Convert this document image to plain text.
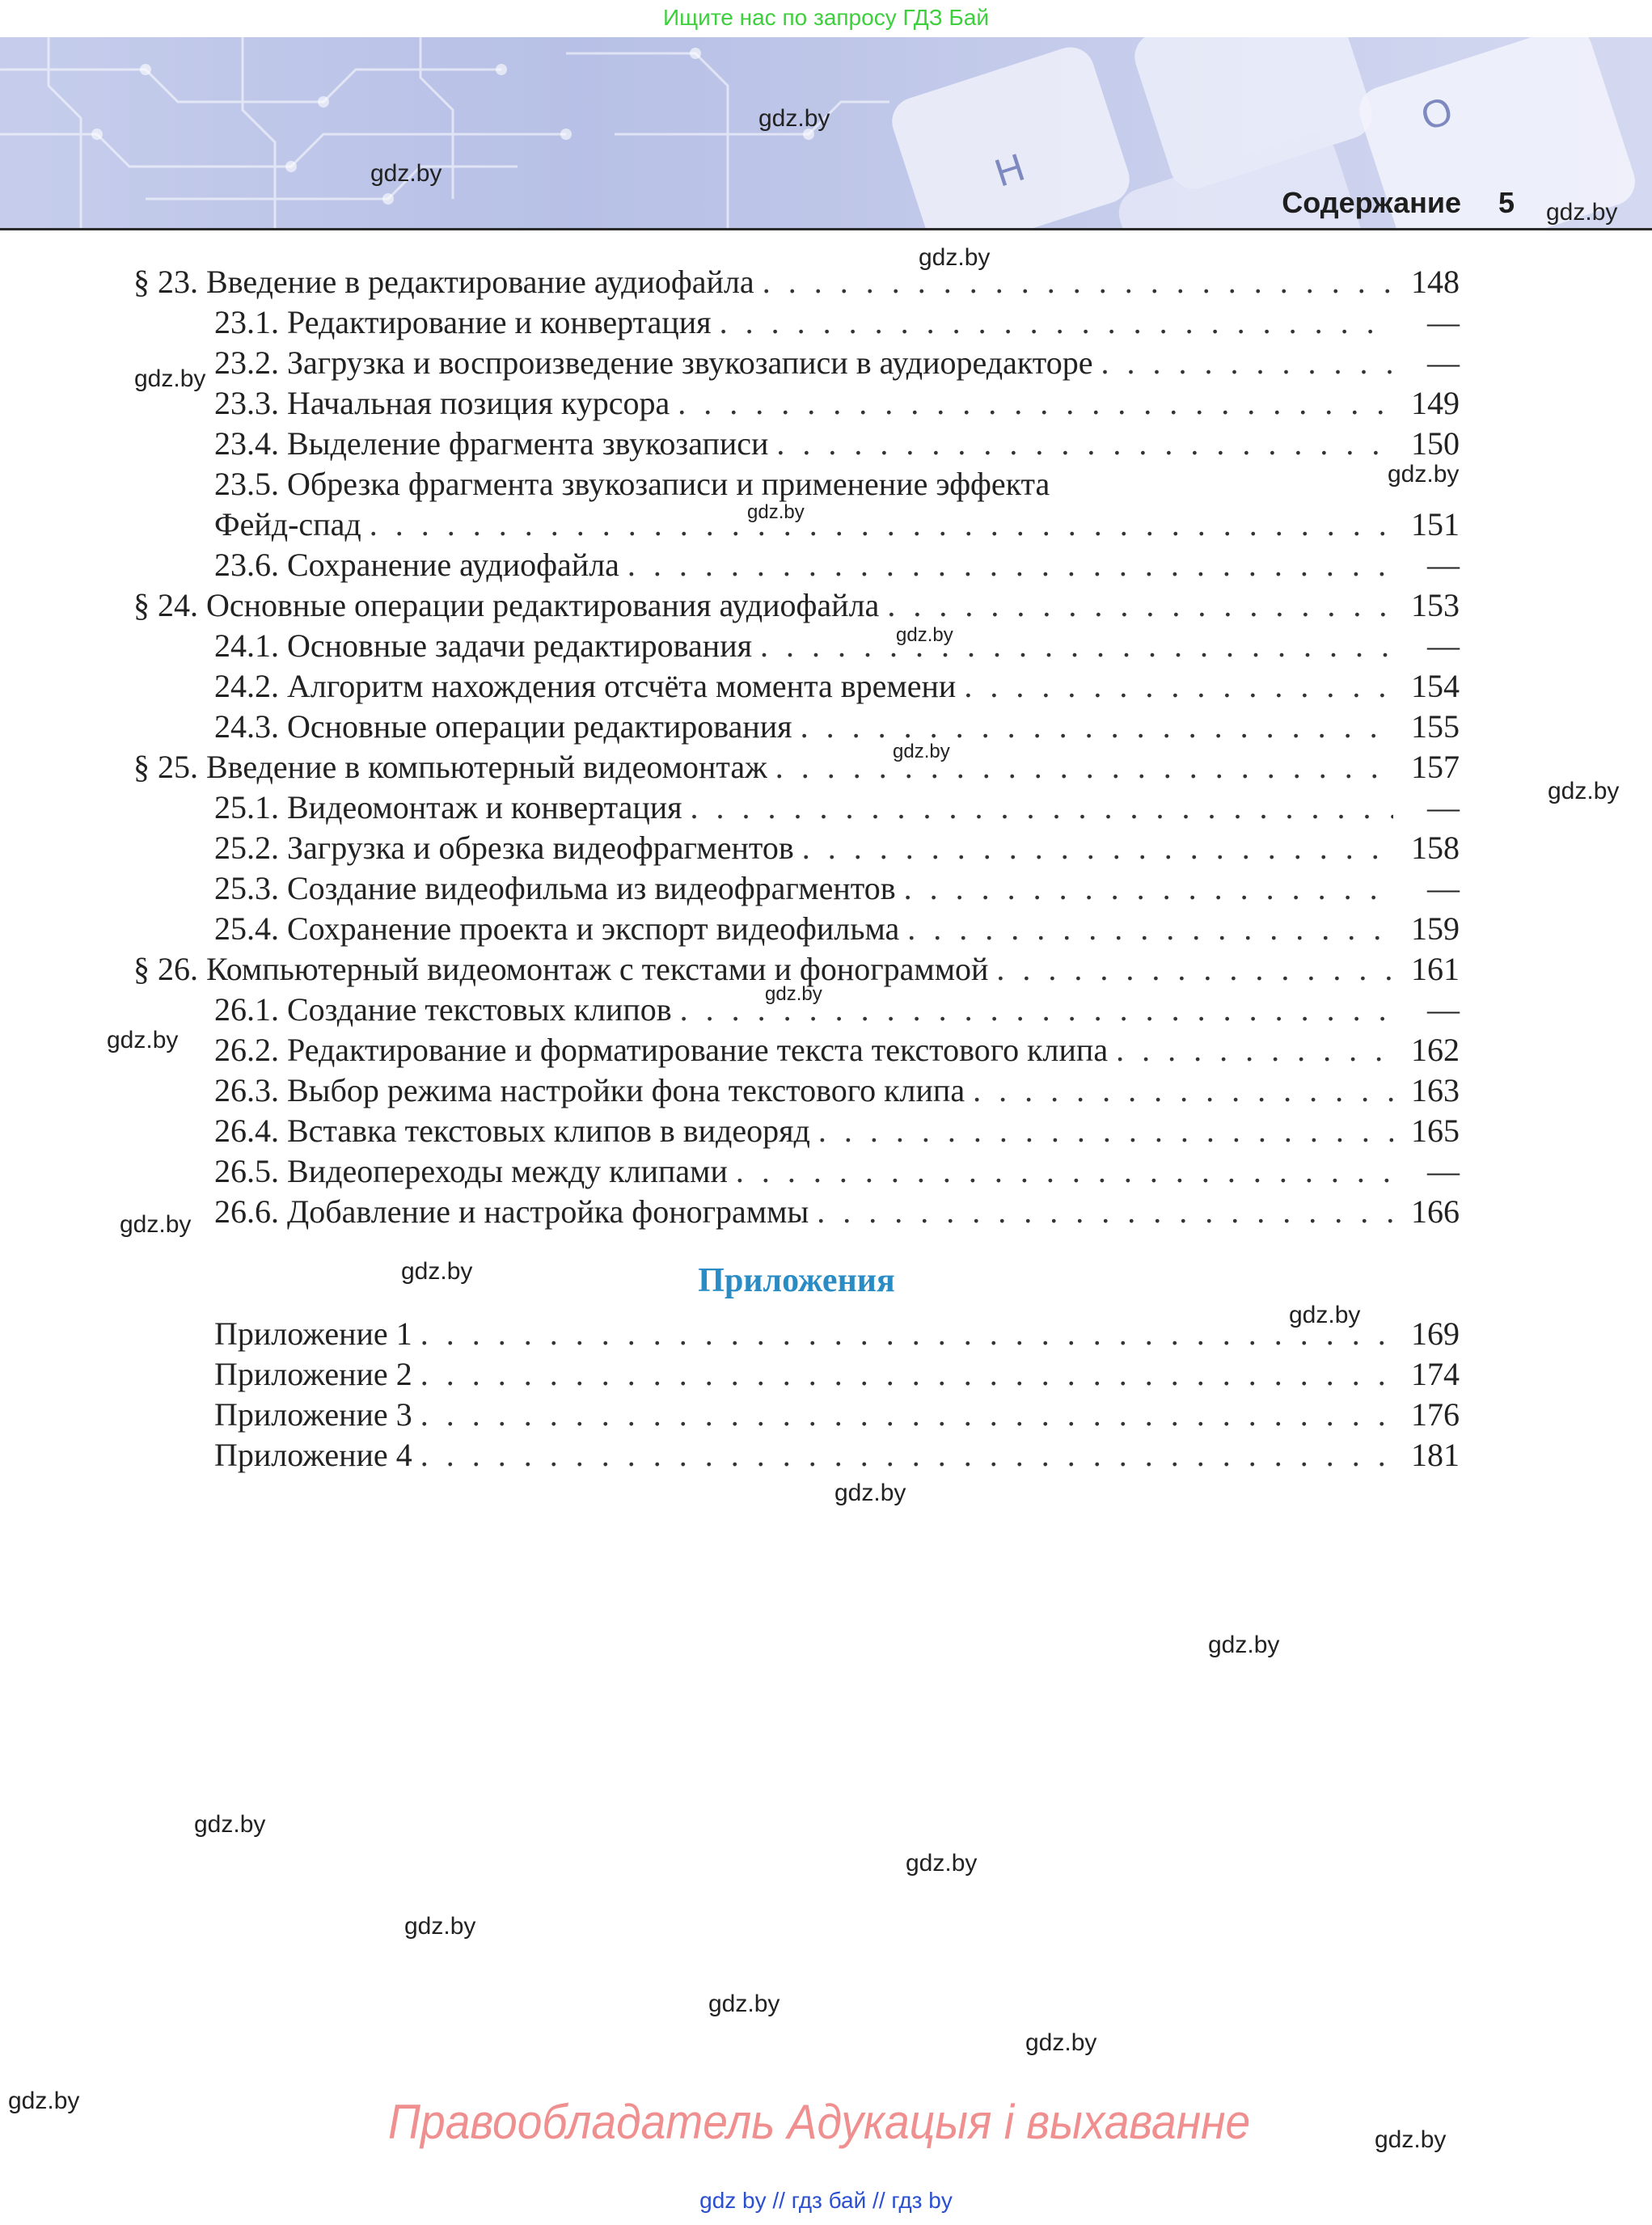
Ищите нас по запросу ГДЗ Бай
Н
О
Содержание 5
§ 23. Введение в редактирование аудиофайла . . .	148
23.1. Редактирование и конвертация . . .	—
23.2. Загрузка и воспроизведение звукозаписи в аудиоредакторе . . .	—
23.3. Начальная позиция курсора . . .	149
23.4. Выделение фрагмента звукозаписи . . .	150
23.5. Обрезка фрагмента звукозаписи и применение эффекта
Фейд-спад . . .	151
23.6. Сохранение аудиофайла . . .	—
§ 24. Основные операции редактирования аудиофайла . . .	153
24.1. Основные задачи редактирования . . .	—
24.2. Алгоритм нахождения отсчёта момента времени . . .	154
24.3. Основные операции редактирования . . .	155
§ 25. Введение в компьютерный видеомонтаж . . .	157
25.1. Видеомонтаж и конвертация . . .	—
25.2. Загрузка и обрезка видеофрагментов . . .	158
25.3. Создание видеофильма из видеофрагментов . . .	—
25.4. Сохранение проекта и экспорт видеофильма . . .	159
§ 26. Компьютерный видеомонтаж с текстами и фонограммой . . .	161
26.1. Создание текстовых клипов . . .	—
26.2. Редактирование и форматирование текста текстового клипа . . .	162
26.3. Выбор режима настройки фона текстового клипа . . .	163
26.4. Вставка текстовых клипов в видеоряд . . .	165
26.5. Видеопереходы между клипами . . .	—
26.6. Добавление и настройка фонограммы . . .	166
Приложения
Приложение 1 . . .	169
Приложение 2 . . .	174
Приложение 3 . . .	176
Приложение 4 . . .	181
gdz.by
gdz.by
gdz.by
gdz.by
gdz.by
gdz.by
gdz.by
gdz.by
gdz.by
gdz.by
gdz.by
gdz.by
gdz.by
gdz.by
gdz.by
gdz.by
gdz.by
gdz.by
gdz.by
gdz.by
gdz.by
gdz.by
gdz.by
gdz.by
Правообладатель Адукацыя і выхаванне
gdz by // гдз бай // гдз by
